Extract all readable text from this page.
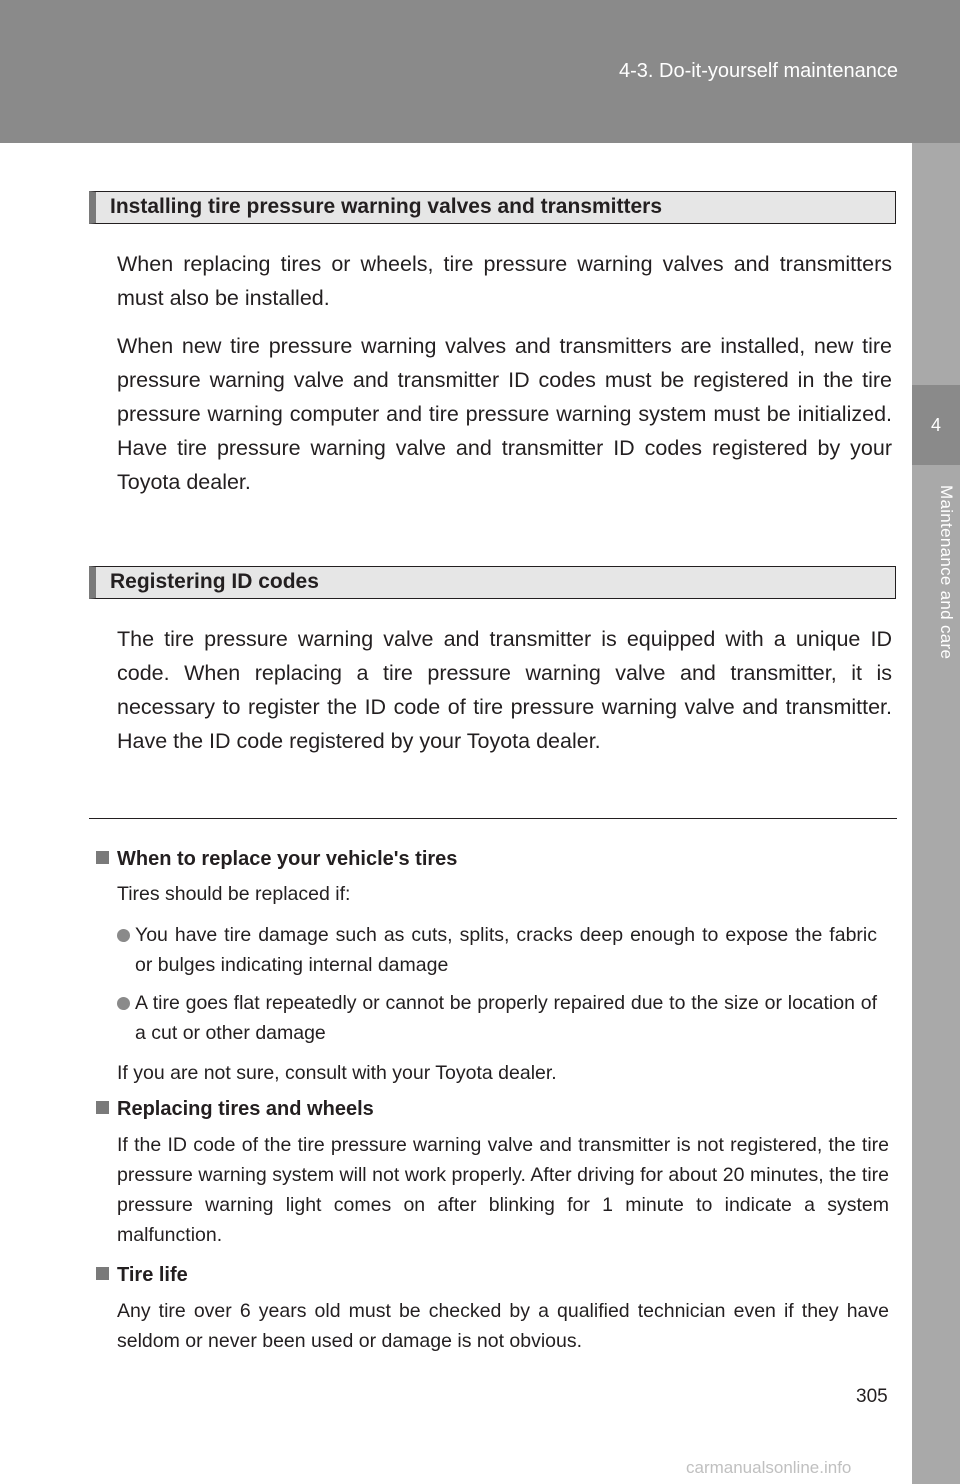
4-3. Do-it-yourself maintenance
4
Maintenance and care
Installing tire pressure warning valves and transmitters

When replacing tires or wheels, tire pressure warning valves and transmitters must also be installed.

When new tire pressure warning valves and transmitters are installed, new tire pressure warning valve and transmitter ID codes must be registered in the tire pressure warning computer and tire pressure warning system must be initialized. Have tire pressure warning valve and transmitter ID codes registered by your Toyota dealer.

Registering ID codes

The tire pressure warning valve and transmitter is equipped with a unique ID code. When replacing a tire pressure warning valve and transmitter, it is necessary to register the ID code of tire pressure warning valve and transmitter. Have the ID code registered by your Toyota dealer.

When to replace your vehicle's tires

Tires should be replaced if:

You have tire damage such as cuts, splits, cracks deep enough to expose the fabric or bulges indicating internal damage
A tire goes flat repeatedly or cannot be properly repaired due to the size or location of a cut or other damage

If you are not sure, consult with your Toyota dealer.

Replacing tires and wheels

If the ID code of the tire pressure warning valve and transmitter is not registered, the tire pressure warning system will not work properly. After driving for about 20 minutes, the tire pressure warning light comes on after blinking for 1 minute to indicate a system malfunction.

Tire life

Any tire over 6 years old must be checked by a qualified technician even if they have seldom or never been used or damage is not obvious.

305
carmanualsonline.info
